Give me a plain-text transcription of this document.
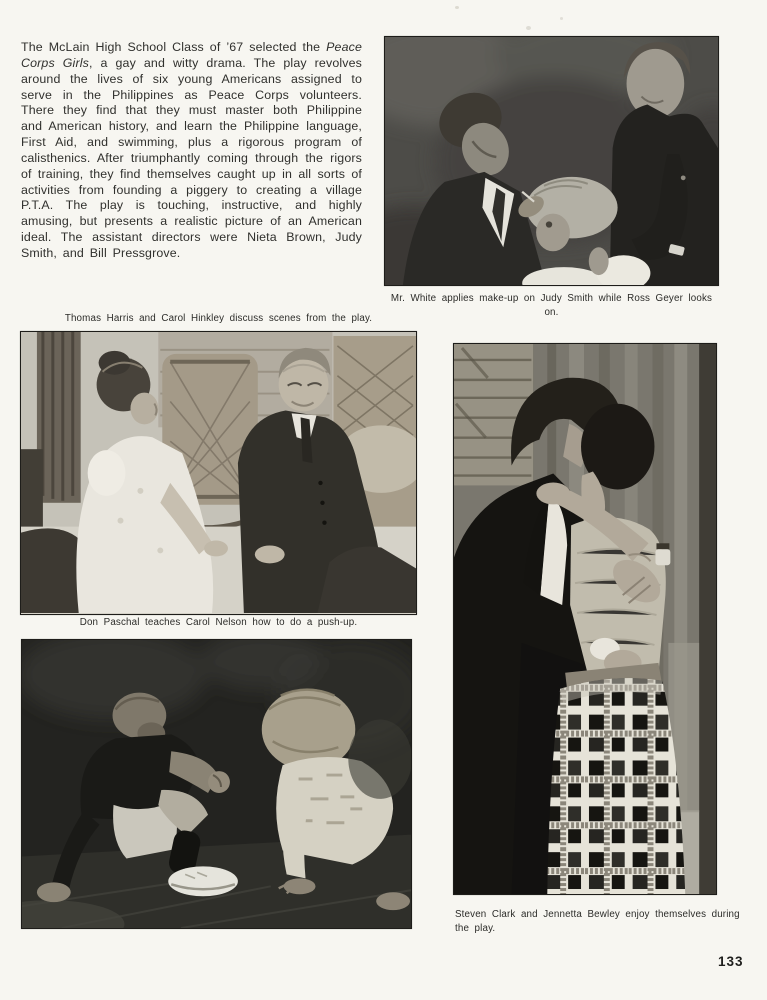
The McLain High School Class of ’67 selected the Peace Corps Girls, a gay and witty drama. The play revolves around the lives of six young Americans assigned to serve in the Philippines as Peace Corps volunteers. There they find that they must master both Philippine and American history, and learn the Philippine language, First Aid, and swimming, plus a rigorous program of calisthenics. After triumphantly coming through the rigors of training, they find themselves caught up in all sorts of activities from founding a piggery to creating a village P.T.A. The play is touching, instructive, and highly amusing, but presents a realistic picture of an American ideal. The assistant directors were Nieta Brown, Judy Smith, and Bill Pressgrove.

Mr. White applies make-up on Judy Smith while Ross Geyer looks on.
Thomas Harris and Carol Hinkley discuss scenes from the play.
Don Paschal teaches Carol Nelson how to do a push-up.
Steven Clark and Jennetta Bewley enjoy themselves during the play.
133
